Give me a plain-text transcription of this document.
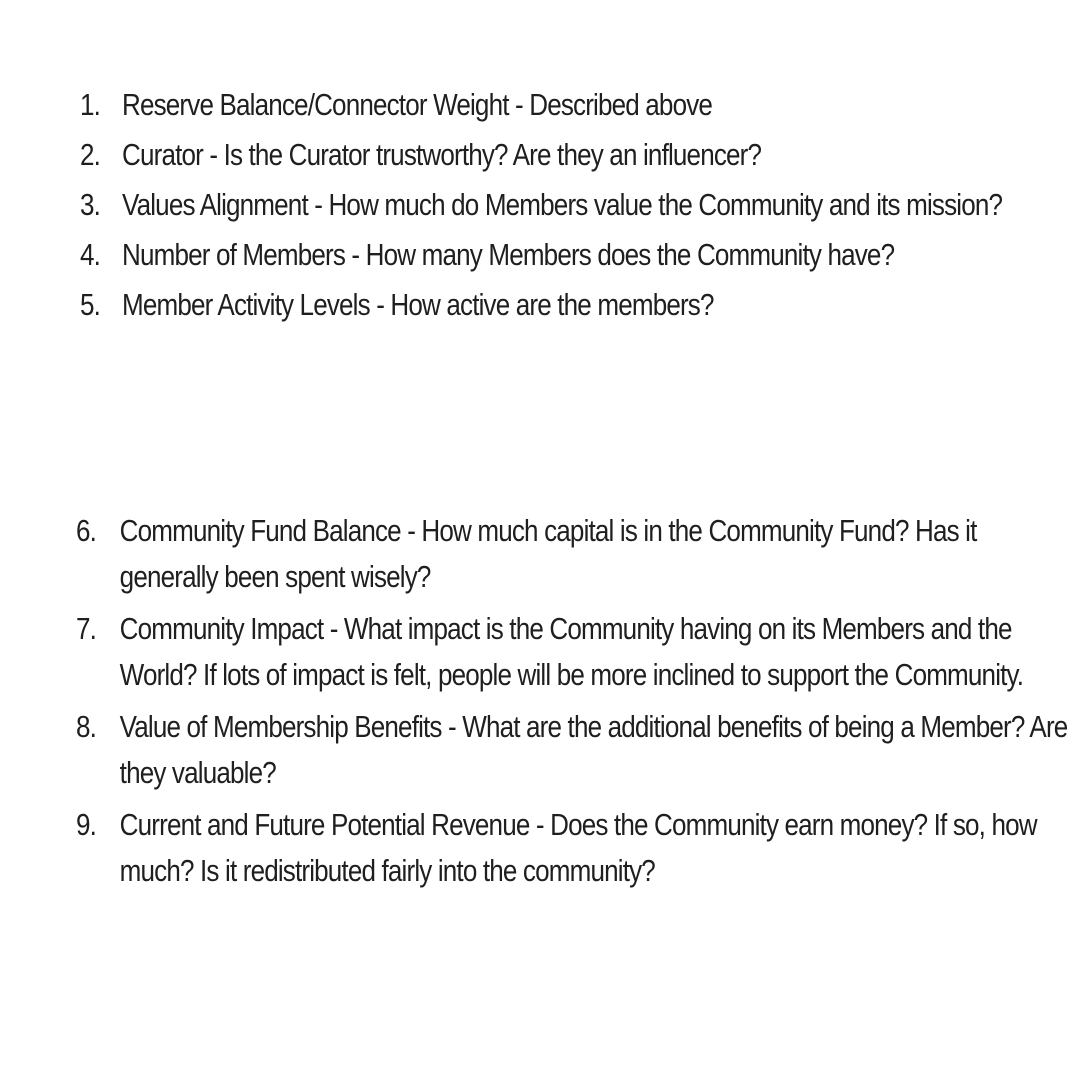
1. Reserve Balance/Connector Weight - Described above
2. Curator - Is the Curator trustworthy? Are they an influencer?
3. Values Alignment - How much do Members value the Community and its mission?
4. Number of Members - How many Members does the Community have?
5. Member Activity Levels - How active are the members?
6. Community Fund Balance - How much capital is in the Community Fund? Has it generally been spent wisely?
7. Community Impact - What impact is the Community having on its Members and the World? If lots of impact is felt, people will be more inclined to support the Community.
8. Value of Membership Benefits - What are the additional benefits of being a Member? Are they valuable?
9. Current and Future Potential Revenue - Does the Community earn money? If so, how much? Is it redistributed fairly into the community?
